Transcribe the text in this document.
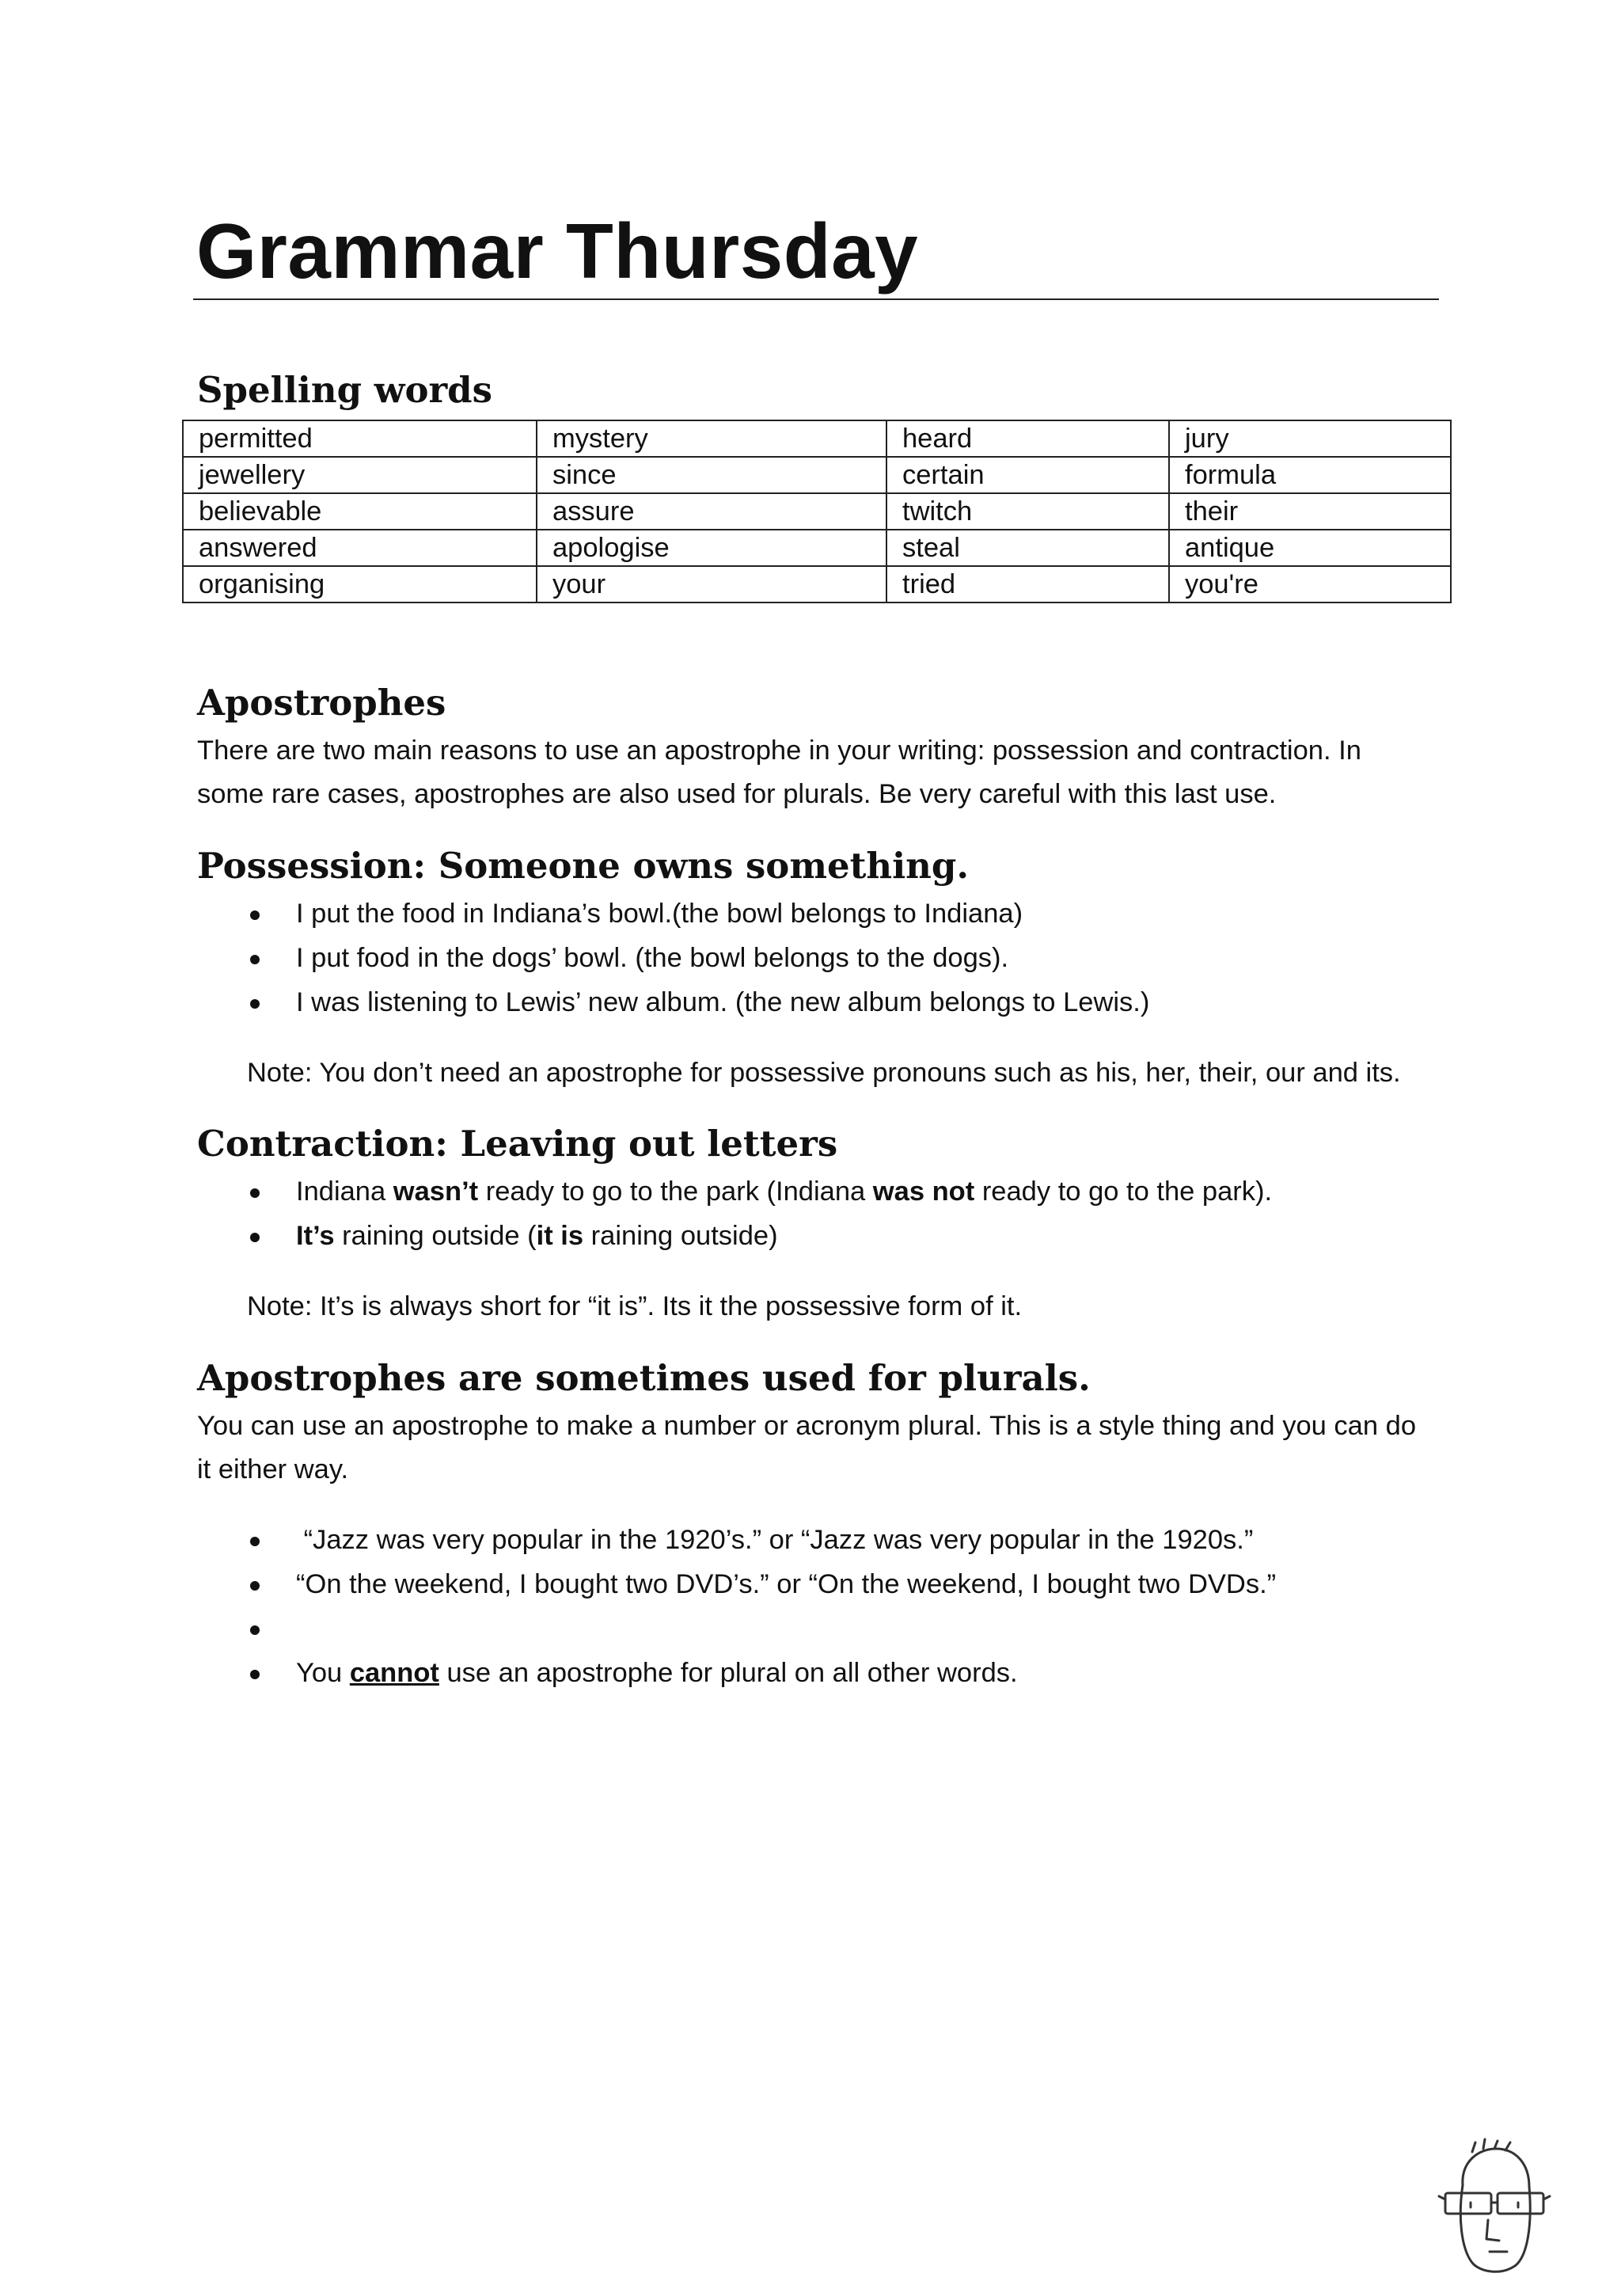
Grammar Thursday
Spelling words
permitted	mystery	heard	jury
jewellery	since	certain	formula
believable	assure	twitch	their
answered	apologise	steal	antique
organising	your	tried	you're
Apostrophes

There are two main reasons to use an apostrophe in your writing: possession and contraction. In

some rare cases, apostrophes are also used for plurals. Be very careful with this last use.

Possession: Someone owns something.
I put the food in Indiana’s bowl.(the bowl belongs to Indiana)
I put food in the dogs’ bowl. (the bowl belongs to the dogs).
I was listening to Lewis’ new album. (the new album belongs to Lewis.)

Note: You don’t need an apostrophe for possessive pronouns such as his, her, their, our and its.

Contraction: Leaving out letters
Indiana wasn’t ready to go to the park (Indiana was not ready to go to the park).
It’s raining outside (it is raining outside)

Note: It’s is always short for “it is”. Its it the possessive form of it.

Apostrophes are sometimes used for plurals.

You can use an apostrophe to make a number or acronym plural. This is a style thing and you can do

it either way.

“Jazz was very popular in the 1920’s.” or “Jazz was very popular in the 1920s.”
“On the weekend, I bought two DVD’s.” or “On the weekend, I bought two DVDs.”
You cannot use an apostrophe for plural on all other words.
